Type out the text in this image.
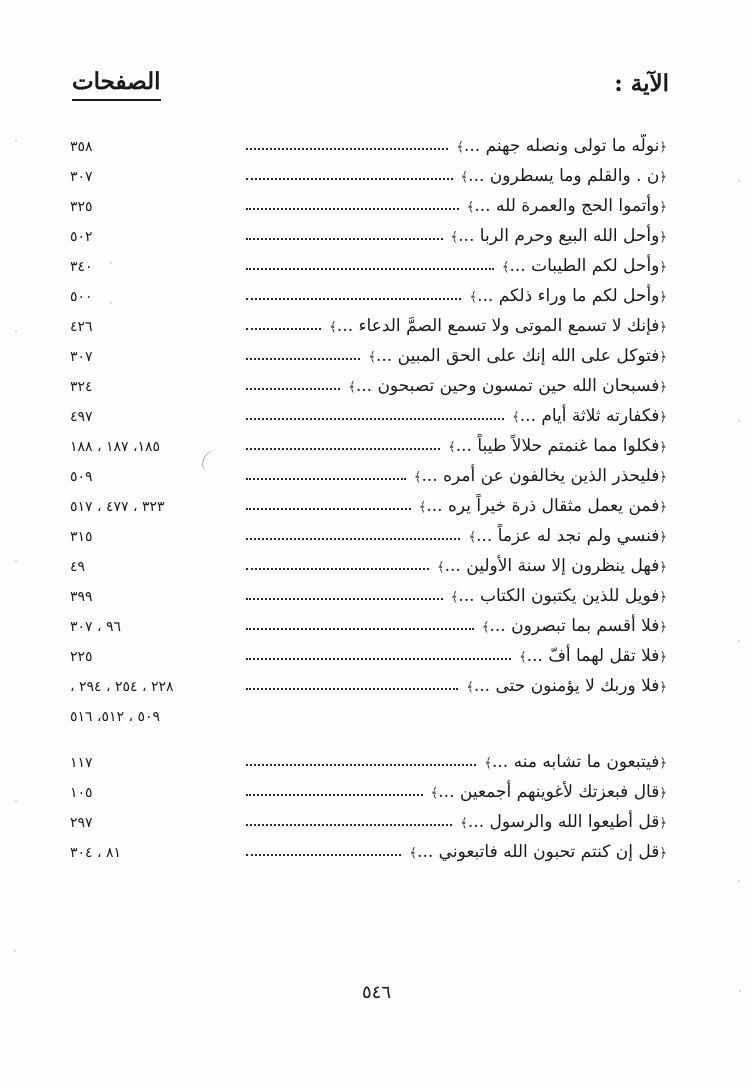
الآية :
الصفحات
٣٥٨	﴿نولّه ما تولى ونصله جهنم ...﴾
٣٠٧	﴿ن . والقلم وما يسطرون ...﴾
٣٢٥	﴿وأتموا الحج والعمرة لله ...﴾
٥٠٢	﴿وأحل الله البيع وحرم الربا ...﴾
٣٤٠	﴿وأحل لكم الطيبات ...﴾
٥٠٠	﴿وأحل لكم ما وراء ذلكم ...﴾
٤٢٦	﴿فإنك لا تسمع الموتى ولا تسمع الصمَّ الدعاء ...﴾
٣٠٧	﴿فتوكل على الله إنك على الحق المبين ...﴾
٣٢٤	﴿فسبحان الله حين تمسون وحين تصبحون ...﴾
٤٩٧	﴿فكفارته ثلاثة أيام ...﴾
١٨٥، ١٨٧ ، ١٨٨	﴿فكلوا مما غنمتم حلالاً طيباً ...﴾
٥٠٩	﴿فليحذر الذين يخالفون عن أمره ...﴾
٣٢٣ ، ٤٧٧ ، ٥١٧	﴿فمن يعمل مثقال ذرة خيراً يره ...﴾
٣١٥	﴿فنسي ولم نجد له عزماً ...﴾
٤٩	﴿فهل ينظرون إلا سنة الأولين ...﴾
٣٩٩	﴿فويل للذين يكتبون الكتاب ...﴾
٩٦ ، ٣٠٧	﴿فلا أقسم بما تبصرون ...﴾
٢٢٥	﴿فلا تقل لهما أفّ ...﴾
٢٢٨ ، ٢٥٤ ، ٢٩٤ ،	﴿فلا وربك لا يؤمنون حتى ...﴾
٥٠٩ ، ٥١٢، ٥١٦
١١٧	﴿فيتبعون ما تشابه منه ...﴾
١٠٥	﴿قال فبعزتك لأغوينهم أجمعين ...﴾
٢٩٧	﴿قل أطيعوا الله والرسول ...﴾
٨١ ، ٣٠٤	﴿قل إن كنتم تحبون الله فاتبعوني ...﴾
٥٤٦
